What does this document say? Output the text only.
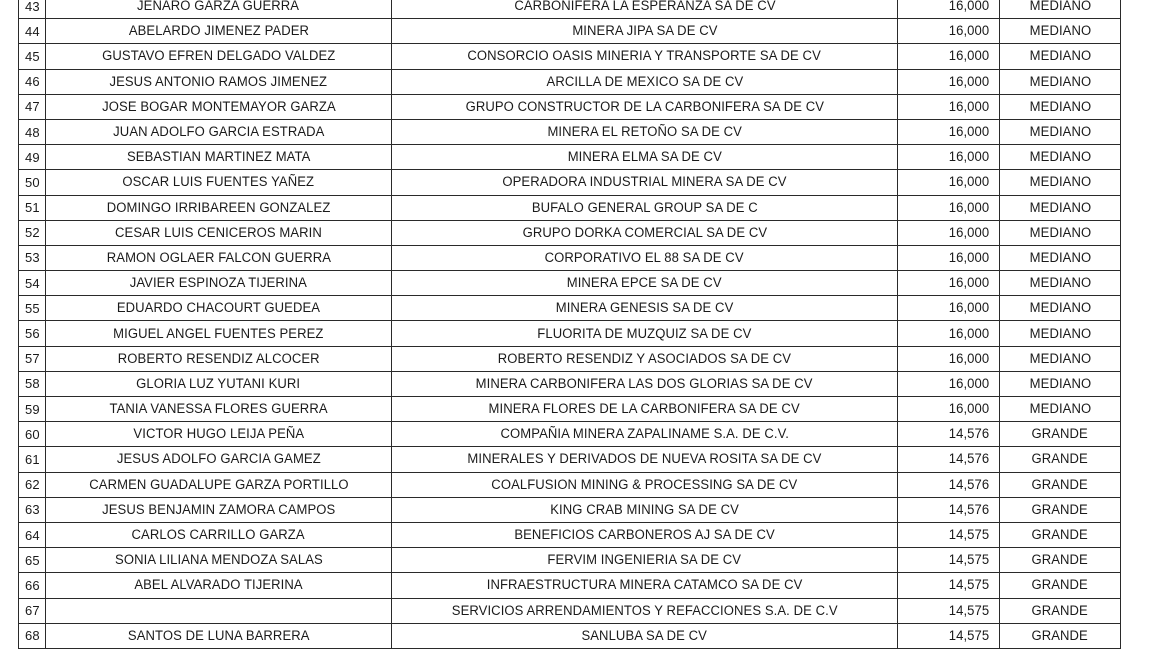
43	JENARO GARZA GUERRA	CARBONIFERA LA ESPERANZA SA DE CV	16,000	MEDIANO
44	ABELARDO JIMENEZ PADER	MINERA JIPA SA DE CV	16,000	MEDIANO
45	GUSTAVO EFREN DELGADO VALDEZ	CONSORCIO OASIS MINERIA Y TRANSPORTE SA DE CV	16,000	MEDIANO
46	JESUS ANTONIO RAMOS JIMENEZ	ARCILLA DE MEXICO SA DE CV	16,000	MEDIANO
47	JOSE BOGAR MONTEMAYOR GARZA	GRUPO CONSTRUCTOR DE LA CARBONIFERA SA DE CV	16,000	MEDIANO
48	JUAN ADOLFO GARCIA ESTRADA	MINERA EL RETOÑO SA DE CV	16,000	MEDIANO
49	SEBASTIAN MARTINEZ MATA	MINERA ELMA SA DE CV	16,000	MEDIANO
50	OSCAR LUIS FUENTES YAÑEZ	OPERADORA INDUSTRIAL MINERA SA DE CV	16,000	MEDIANO
51	DOMINGO IRRIBAREEN GONZALEZ	BUFALO GENERAL GROUP SA DE C	16,000	MEDIANO
52	CESAR LUIS CENICEROS MARIN	GRUPO DORKA COMERCIAL SA DE CV	16,000	MEDIANO
53	RAMON OGLAER FALCON GUERRA	CORPORATIVO EL 88 SA DE CV	16,000	MEDIANO
54	JAVIER ESPINOZA TIJERINA	MINERA EPCE SA DE CV	16,000	MEDIANO
55	EDUARDO CHACOURT GUEDEA	MINERA GENESIS SA DE CV	16,000	MEDIANO
56	MIGUEL ANGEL FUENTES PEREZ	FLUORITA DE MUZQUIZ SA DE CV	16,000	MEDIANO
57	ROBERTO RESENDIZ ALCOCER	ROBERTO RESENDIZ Y ASOCIADOS SA DE CV	16,000	MEDIANO
58	GLORIA LUZ YUTANI KURI	MINERA CARBONIFERA LAS DOS GLORIAS SA DE CV	16,000	MEDIANO
59	TANIA VANESSA FLORES GUERRA	MINERA FLORES DE LA CARBONIFERA SA DE CV	16,000	MEDIANO
60	VICTOR HUGO LEIJA PEÑA	COMPAÑIA MINERA ZAPALINAME S.A. DE C.V.	14,576	GRANDE
61	JESUS ADOLFO GARCIA GAMEZ	MINERALES Y DERIVADOS DE NUEVA ROSITA SA DE CV	14,576	GRANDE
62	CARMEN GUADALUPE GARZA PORTILLO	COALFUSION MINING & PROCESSING SA DE CV	14,576	GRANDE
63	JESUS BENJAMIN ZAMORA CAMPOS	KING CRAB MINING SA DE CV	14,576	GRANDE
64	CARLOS CARRILLO GARZA	BENEFICIOS CARBONEROS AJ SA DE CV	14,575	GRANDE
65	SONIA LILIANA MENDOZA SALAS	FERVIM INGENIERIA SA DE CV	14,575	GRANDE
66	ABEL ALVARADO TIJERINA	INFRAESTRUCTURA MINERA CATAMCO SA DE CV	14,575	GRANDE
67		SERVICIOS ARRENDAMIENTOS Y REFACCIONES S.A. DE C.V	14,575	GRANDE
68	SANTOS DE LUNA BARRERA	SANLUBA SA DE CV	14,575	GRANDE
